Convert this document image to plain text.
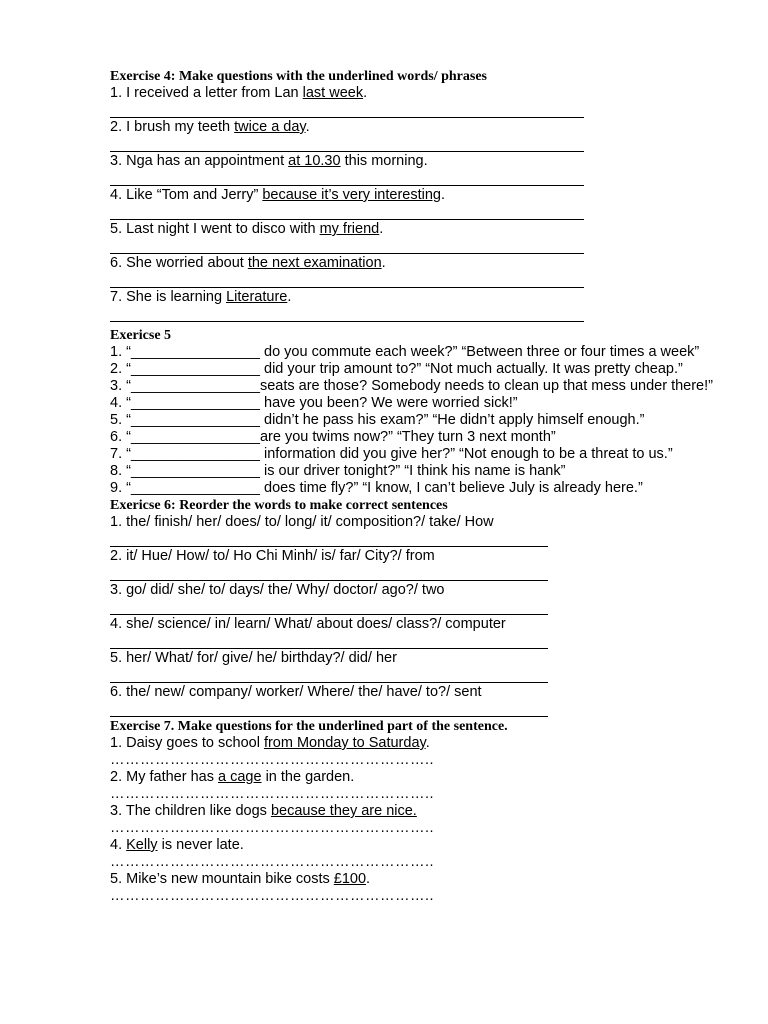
Exercise 4: Make questions with the underlined words/ phrases
1. I received a letter from Lan last week.
2. I brush my teeth twice a day.
3. Nga has an appointment at 10.30 this morning.
4. Like “Tom and Jerry” because it’s very interesting.
5. Last night I went to disco with my friend.
6. She worried about the next examination.
7. She is learning Literature.
Exericse 5
1. “________________ do you commute each week?” “Between three or four times a week”
2. “________________ did your trip amount to?” “Not much actually. It was pretty cheap.”
3. “________________seats are those? Somebody needs to clean up that mess under there!”
4. “________________ have you been? We were worried sick!”
5. “________________ didn’t he pass his exam?” “He didn’t apply himself enough.”
6. “________________are you twims now?” “They turn 3 next month”
7. “________________ information did you give her?” “Not enough to be a threat to us.”
8. “________________ is our driver tonight?” “I think his name is hank”
9. “________________ does time fly?” “I know, I can’t believe July is already here.”
Exericse 6: Reorder the words to make correct sentences
1. the/ finish/ her/ does/ to/ long/ it/ composition?/ take/ How
2. it/ Hue/ How/ to/ Ho Chi Minh/ is/ far/ City?/ from
3. go/ did/ she/ to/ days/ the/ Why/ doctor/ ago?/ two
4. she/ science/ in/ learn/ What/ about does/ class?/ computer
5. her/ What/ for/ give/ he/ birthday?/ did/ her
6. the/ new/ company/ worker/ Where/ the/ have/ to?/ sent
Exercise 7. Make questions for the underlined part of the sentence.
1. Daisy goes to school from Monday to Saturday.
………………………………………………………..
2. My father has a cage in the garden.
………………………………………………………..
3. The children like dogs because they are nice.
………………………………………………………..
4. Kelly is never late.
………………………………………………………..
5. Mike’s new mountain bike costs £100.
………………………………………………………..
